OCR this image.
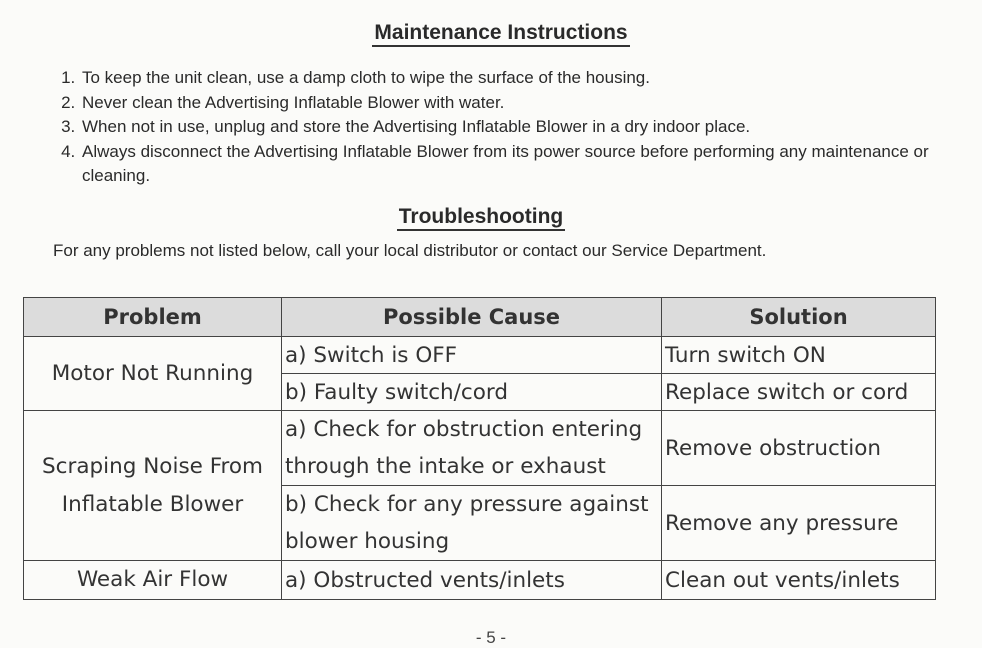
Maintenance Instructions
1. To keep the unit clean, use a damp cloth to wipe the surface of the housing.
2. Never clean the Advertising Inflatable Blower with water.
3. When not in use, unplug and store the Advertising Inflatable Blower in a dry indoor place.
4. Always disconnect the Advertising Inflatable Blower from its power source before performing any maintenance or cleaning.
Troubleshooting

For any problems not listed below, call your local distributor or contact our Service Department.

Problem	Possible Cause	Solution
Motor Not Running	a) Switch is OFF	Turn switch ON
	b) Faulty switch/cord	Replace switch or cord
Scraping Noise From Inflatable Blower	a) Check for obstruction entering through the intake or exhaust	Remove obstruction
	b) Check for any pressure against blower housing	Remove any pressure
Weak Air Flow	a) Obstructed vents/inlets	Clean out vents/inlets

- 5 -
